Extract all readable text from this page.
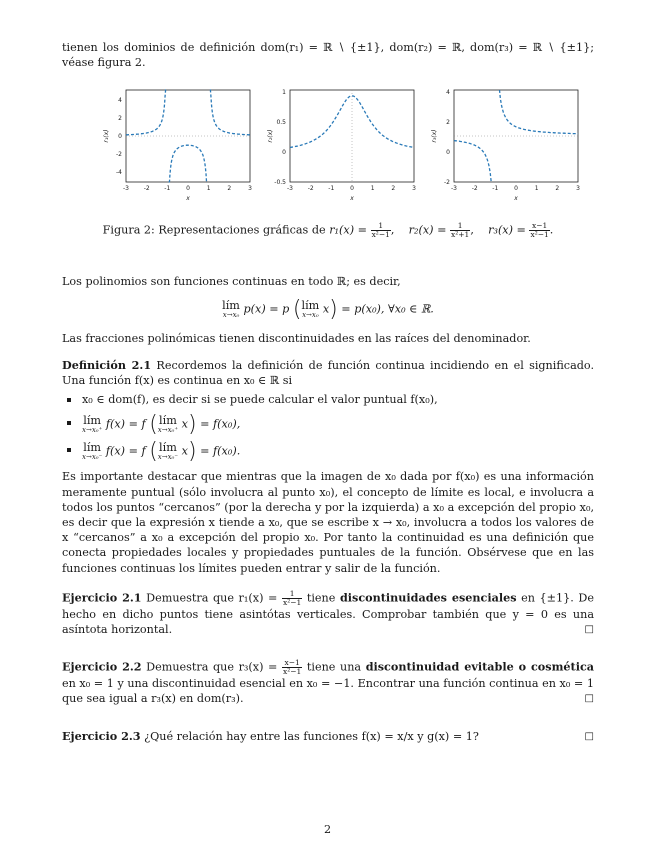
tienen los dominios de definición dom(r₁) = ℝ ∖ {±1}, dom(r₂) = ℝ, dom(r₃) = ℝ ∖ {±1}; véase figura 2.

-3 -2 -1	0	1	2	3
4
2
0
-2
-4
x
r₁(x)
-3 -2 -1	0	1	2	3
1
0.5
0
-0.5
x
r₂(x)
-3 -2 -1	0	1	2	3
4
2
0
-2
x
r₃(x)

Figura 2: Representaciones gráficas de $r_1(x) = \frac{1}{\text{x²−1}}$ ,    $r_2(x) = \frac{1}{\text{x²+1}}$ ,    $r_3(x) = \frac{x-1}{\text{x²−1}}$ .

Los polinomios son funciones continuas en todo ℝ; es decir,

lím
x→x₀ p(x) = p (lím
x→x₀ x) = p(x₀), ∀x₀ ∈ ℝ.

Las fracciones polinómicas tienen discontinuidades en las raíces del denominador.

Definición 2.1 Recordemos la definición de función continua incidiendo en el significado. Una función f(x) es continua en x₀ ∈ ℝ si

x₀ ∈ dom(f), es decir si se puede calcular el valor puntual f(x₀),
lím
x→x₀⁺ f(x) = f (lím
x→x₀⁺ x) = f(x₀),
lím
x→x₀⁻ f(x) = f (lím
x→x₀⁻ x) = f(x₀).

Es importante destacar que mientras que la imagen de x₀ dada por f(x₀) es una información meramente puntual (sólo involucra al punto x₀), el concepto de límite es local, e involucra a todos los puntos “cercanos” (por la derecha y por la izquierda) a x₀ a excepción del propio x₀, es decir que la expresión x tiende a x₀, que se escribe x → x₀, involucra a todos los valores de x “cercanos” a x₀ a excepción del propio x₀. Por tanto la continuidad es una definición que conecta propiedades locales y propiedades puntuales de la función. Obsérvese que en las funciones continuas los límites pueden entrar y salir de la función.

Ejercicio 2.1 Demuestra que $r_1(x) = \frac{1}{\text{x²−1}}$ tiene discontinuidades esenciales en {±1}. De hecho en dicho puntos tiene asintótas verticales. Comprobar también que y = 0 es una asíntota horizontal.	□

Ejercicio 2.2 Demuestra que $r_3(x) = \frac{x-1}{\text{x²−1}}$ tiene una discontinuidad evitable o cosmética en x₀ = 1 y una discontinuidad esencial en x₀ = −1. Encontrar una función continua en x₀ = 1 que sea igual a r₃(x) en dom(r₃).	□

Ejercicio 2.3 ¿Qué relación hay entre las funciones f(x) = x/x y g(x) = 1?	□

2
